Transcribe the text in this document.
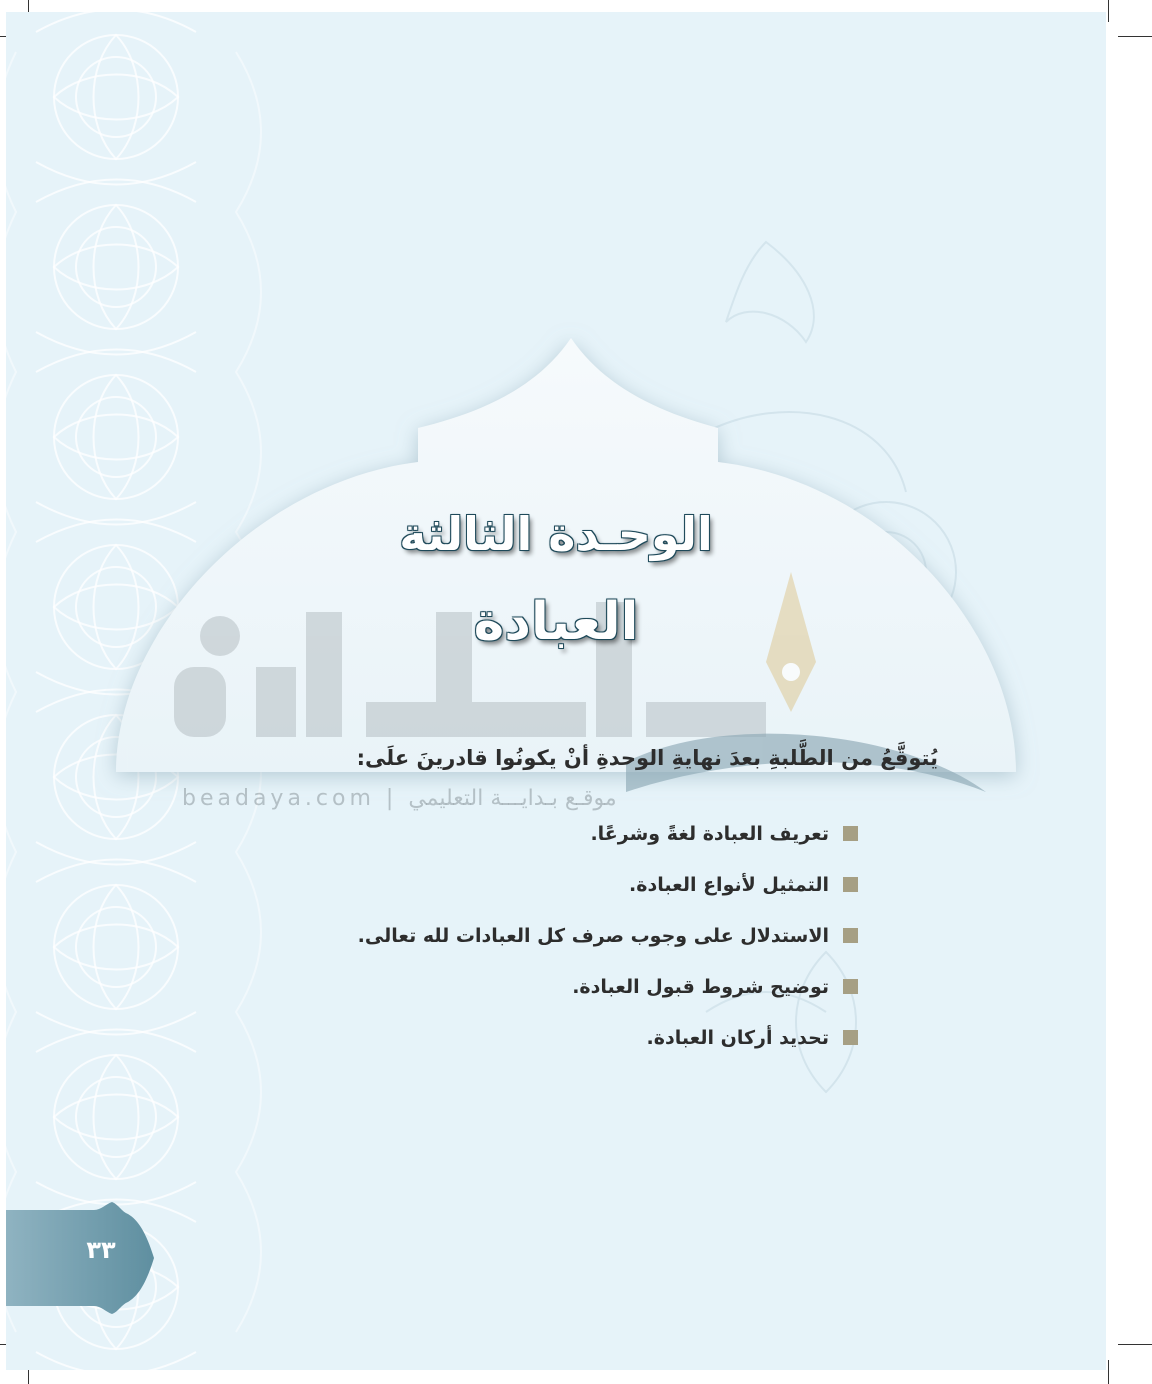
beadaya.com | موقـع بـدايـــة التعليمي
الوحـدة الثالثة
العبادة
يُتوقَّعُ من الطَّلبةِ بعدَ نهايةِ الوحدةِ أنْ يكونُوا قادرينَ علَى:
تعريف العبادة لغةً وشرعًا.
التمثيل لأنواع العبادة.
الاستدلال على وجوب صرف كل العبادات لله تعالى.
توضيح شروط قبول العبادة.
تحديد أركان العبادة.
٣٣
